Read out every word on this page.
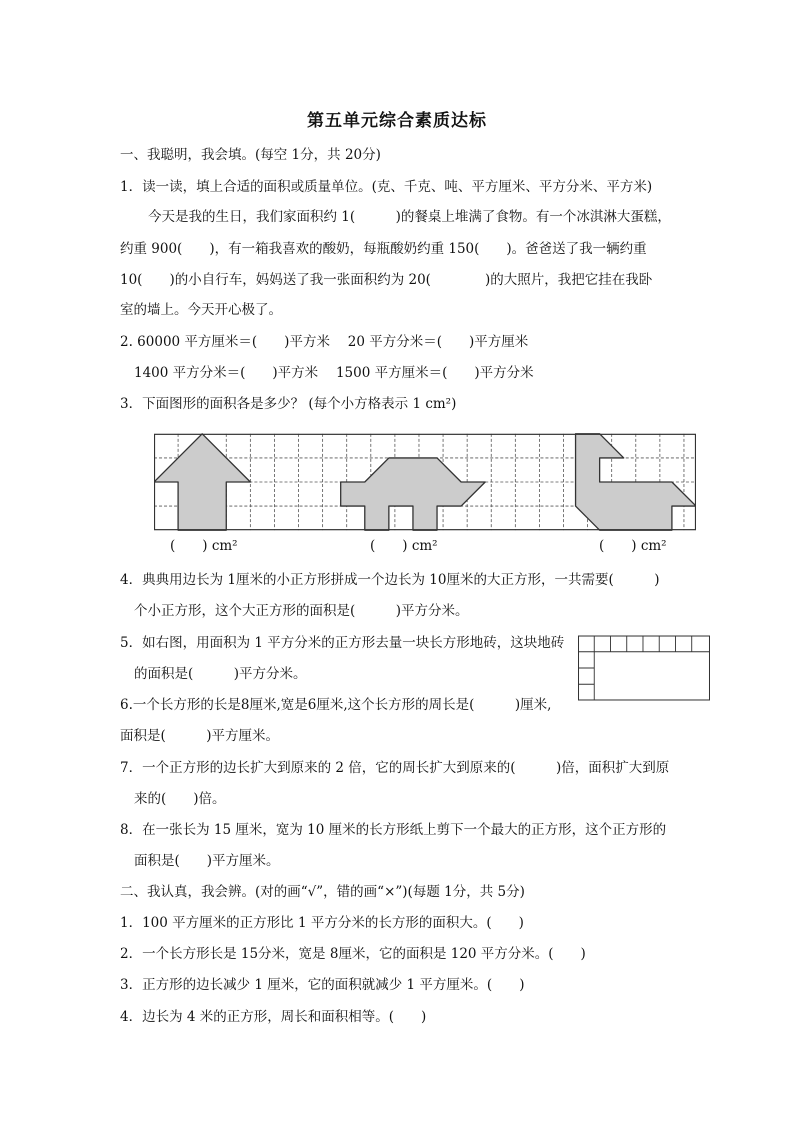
第五单元综合素质达标
一、我聪明，我会填。(每空 1分，共 20分)
1．读一读，填上合适的面积或质量单位。(克、千克、吨、平方厘米、平方分米、平方米)
今天是我的生日，我们家面积约 1(　　　)的餐桌上堆满了食物。有一个冰淇淋大蛋糕，
约重 900(　　)，有一箱我喜欢的酸奶，每瓶酸奶约重 150(　　)。爸爸送了我一辆约重
10(　　)的小自行车，妈妈送了我一张面积约为 20(　　　　)的大照片，我把它挂在我卧
室的墙上。今天开心极了。
2. 60000 平方厘米＝(　　)平方米　 20 平方分米＝(　　)平方厘米
1400 平方分米＝(　　)平方米　 1500 平方厘米＝(　　)平方分米
3．下面图形的面积各是多少？ (每个小方格表示 1 cm²)
(　　) cm²	(　　) cm²	(　　) cm²
4．典典用边长为 1厘米的小正方形拼成一个边长为 10厘米的大正方形，一共需要(　　　)
个小正方形，这个大正方形的面积是(　　　)平方分米。
5．如右图，用面积为 1 平方分米的正方形去量一块长方形地砖，这块地砖
的面积是(　　　)平方分米。
6.一个长方形的长是8厘米,宽是6厘米,这个长方形的周长是(　　　)厘米,
面积是(　　　)平方厘米。
7．一个正方形的边长扩大到原来的 2 倍，它的周长扩大到原来的(　　　)倍，面积扩大到原
来的(　　)倍。
8．在一张长为 15 厘米，宽为 10 厘米的长方形纸上剪下一个最大的正方形，这个正方形的
面积是(　　)平方厘米。
二、我认真，我会辨。(对的画“√”，错的画“×”)(每题 1分，共 5分)
1．100 平方厘米的正方形比 1 平方分米的长方形的面积大。(　　)
2．一个长方形长是 15分米，宽是 8厘米，它的面积是 120 平方分米。(　　)
3．正方形的边长减少 1 厘米，它的面积就减少 1 平方厘米。(　　)
4．边长为 4 米的正方形，周长和面积相等。(　　)
